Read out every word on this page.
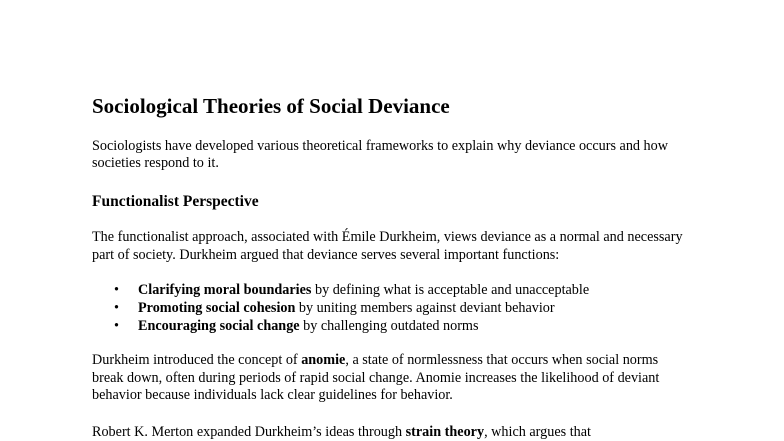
Sociological Theories of Social Deviance

Sociologists have developed various theoretical frameworks to explain why deviance occurs and how societies respond to it.

Functionalist Perspective

The functionalist approach, associated with Émile Durkheim, views deviance as a normal and necessary part of society. Durkheim argued that deviance serves several important functions:

• Clarifying moral boundaries by defining what is acceptable and unacceptable
• Promoting social cohesion by uniting members against deviant behavior
• Encouraging social change by challenging outdated norms

Durkheim introduced the concept of anomie, a state of normlessness that occurs when social norms break down, often during periods of rapid social change. Anomie increases the likelihood of deviant behavior because individuals lack clear guidelines for behavior.

Robert K. Merton expanded Durkheim’s ideas through strain theory, which argues that
